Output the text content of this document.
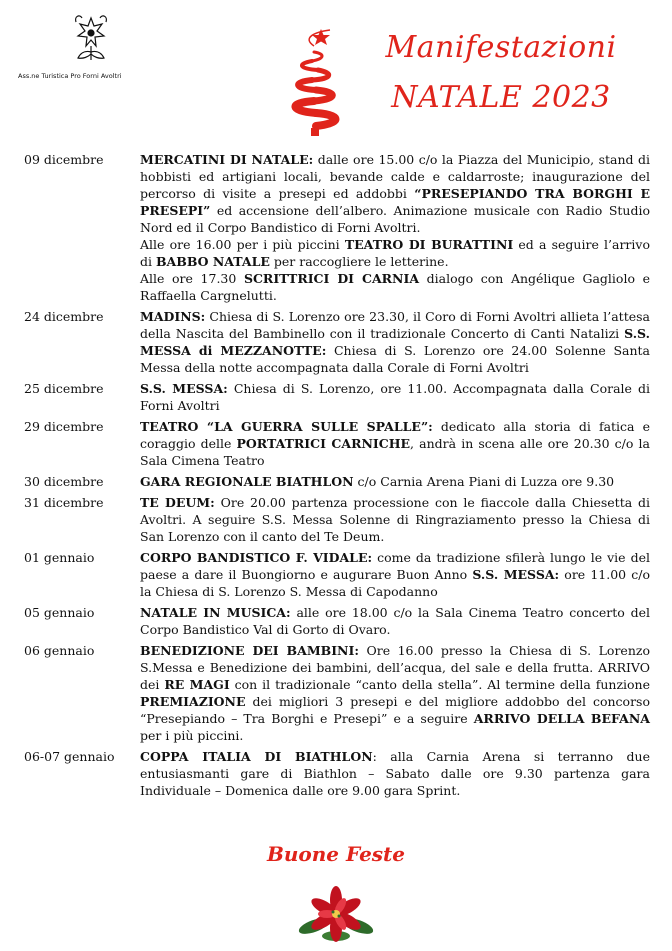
Ass.ne Turistica Pro Forni Avoltri
Manifestazioni
NATALE 2023
09 dicembre	MERCATINI DI NATALE: dalle ore 15.00 c/o la Piazza del Municipio, stand di hobbisti ed artigiani locali, bevande calde e caldarroste; inaugurazione del percorso di visite a presepi ed addobbi “PRESEPIANDO TRA BORGHI E PRESEPI” ed accensione dell’albero. Animazione musicale con Radio Studio Nord ed il Corpo Bandistico di Forni Avoltri.

Alle ore 16.00 per i più piccini TEATRO DI BURATTINI ed a seguire l’arrivo di BABBO NATALE per raccogliere le letterine.

Alle ore 17.30 SCRITTRICI DI CARNIA dialogo con Angélique Gagliolo e Raffaella Cargnelutti.

24 dicembre	MADINS: Chiesa di S. Lorenzo ore 23.30, il Coro di Forni Avoltri allieta l’attesa della Nascita del Bambinello con il tradizionale Concerto di Canti Natalizi S.S. MESSA di MEZZANOTTE: Chiesa di S. Lorenzo ore 24.00 Solenne Santa Messa della notte accompagnata dalla Corale di Forni Avoltri

25 dicembre	S.S. MESSA: Chiesa di S. Lorenzo, ore 11.00. Accompagnata dalla Corale di Forni Avoltri

29 dicembre	TEATRO “LA GUERRA SULLE SPALLE”: dedicato alla storia di fatica e coraggio delle PORTATRICI CARNICHE, andrà in scena alle ore 20.30 c/o la Sala Cimena Teatro

30 dicembre	GARA REGIONALE BIATHLON c/o Carnia Arena Piani di Luzza ore 9.30

31 dicembre	TE DEUM: Ore 20.00 partenza processione con le fiaccole dalla Chiesetta di Avoltri. A seguire S.S. Messa Solenne di Ringraziamento presso la Chiesa di San Lorenzo con il canto del Te Deum.

01 gennaio	CORPO BANDISTICO F. VIDALE: come da tradizione sfilerà lungo le vie del paese a dare il Buongiorno e augurare Buon Anno S.S. MESSA: ore 11.00 c/o la Chiesa di S. Lorenzo S. Messa di Capodanno

05 gennaio	NATALE IN MUSICA: alle ore 18.00 c/o la Sala Cinema Teatro concerto del Corpo Bandistico Val di Gorto di Ovaro.

06 gennaio	BENEDIZIONE DEI BAMBINI: Ore 16.00 presso la Chiesa di S. Lorenzo S.Messa e Benedizione dei bambini, dell’acqua, del sale e della frutta. ARRIVO dei RE MAGI con il tradizionale “canto della stella”. Al termine della funzione PREMIAZIONE dei migliori 3 presepi e del migliore addobbo del concorso “Presepiando – Tra Borghi e Presepi” e a seguire ARRIVO DELLA BEFANA per i più piccini.

06-07 gennaio	COPPA ITALIA DI BIATHLON: alla Carnia Arena si terranno due entusiasmanti gare di Biathlon – Sabato dalle ore 9.30 partenza gara Individuale – Domenica dalle ore 9.00 gara Sprint.

Buone Feste
